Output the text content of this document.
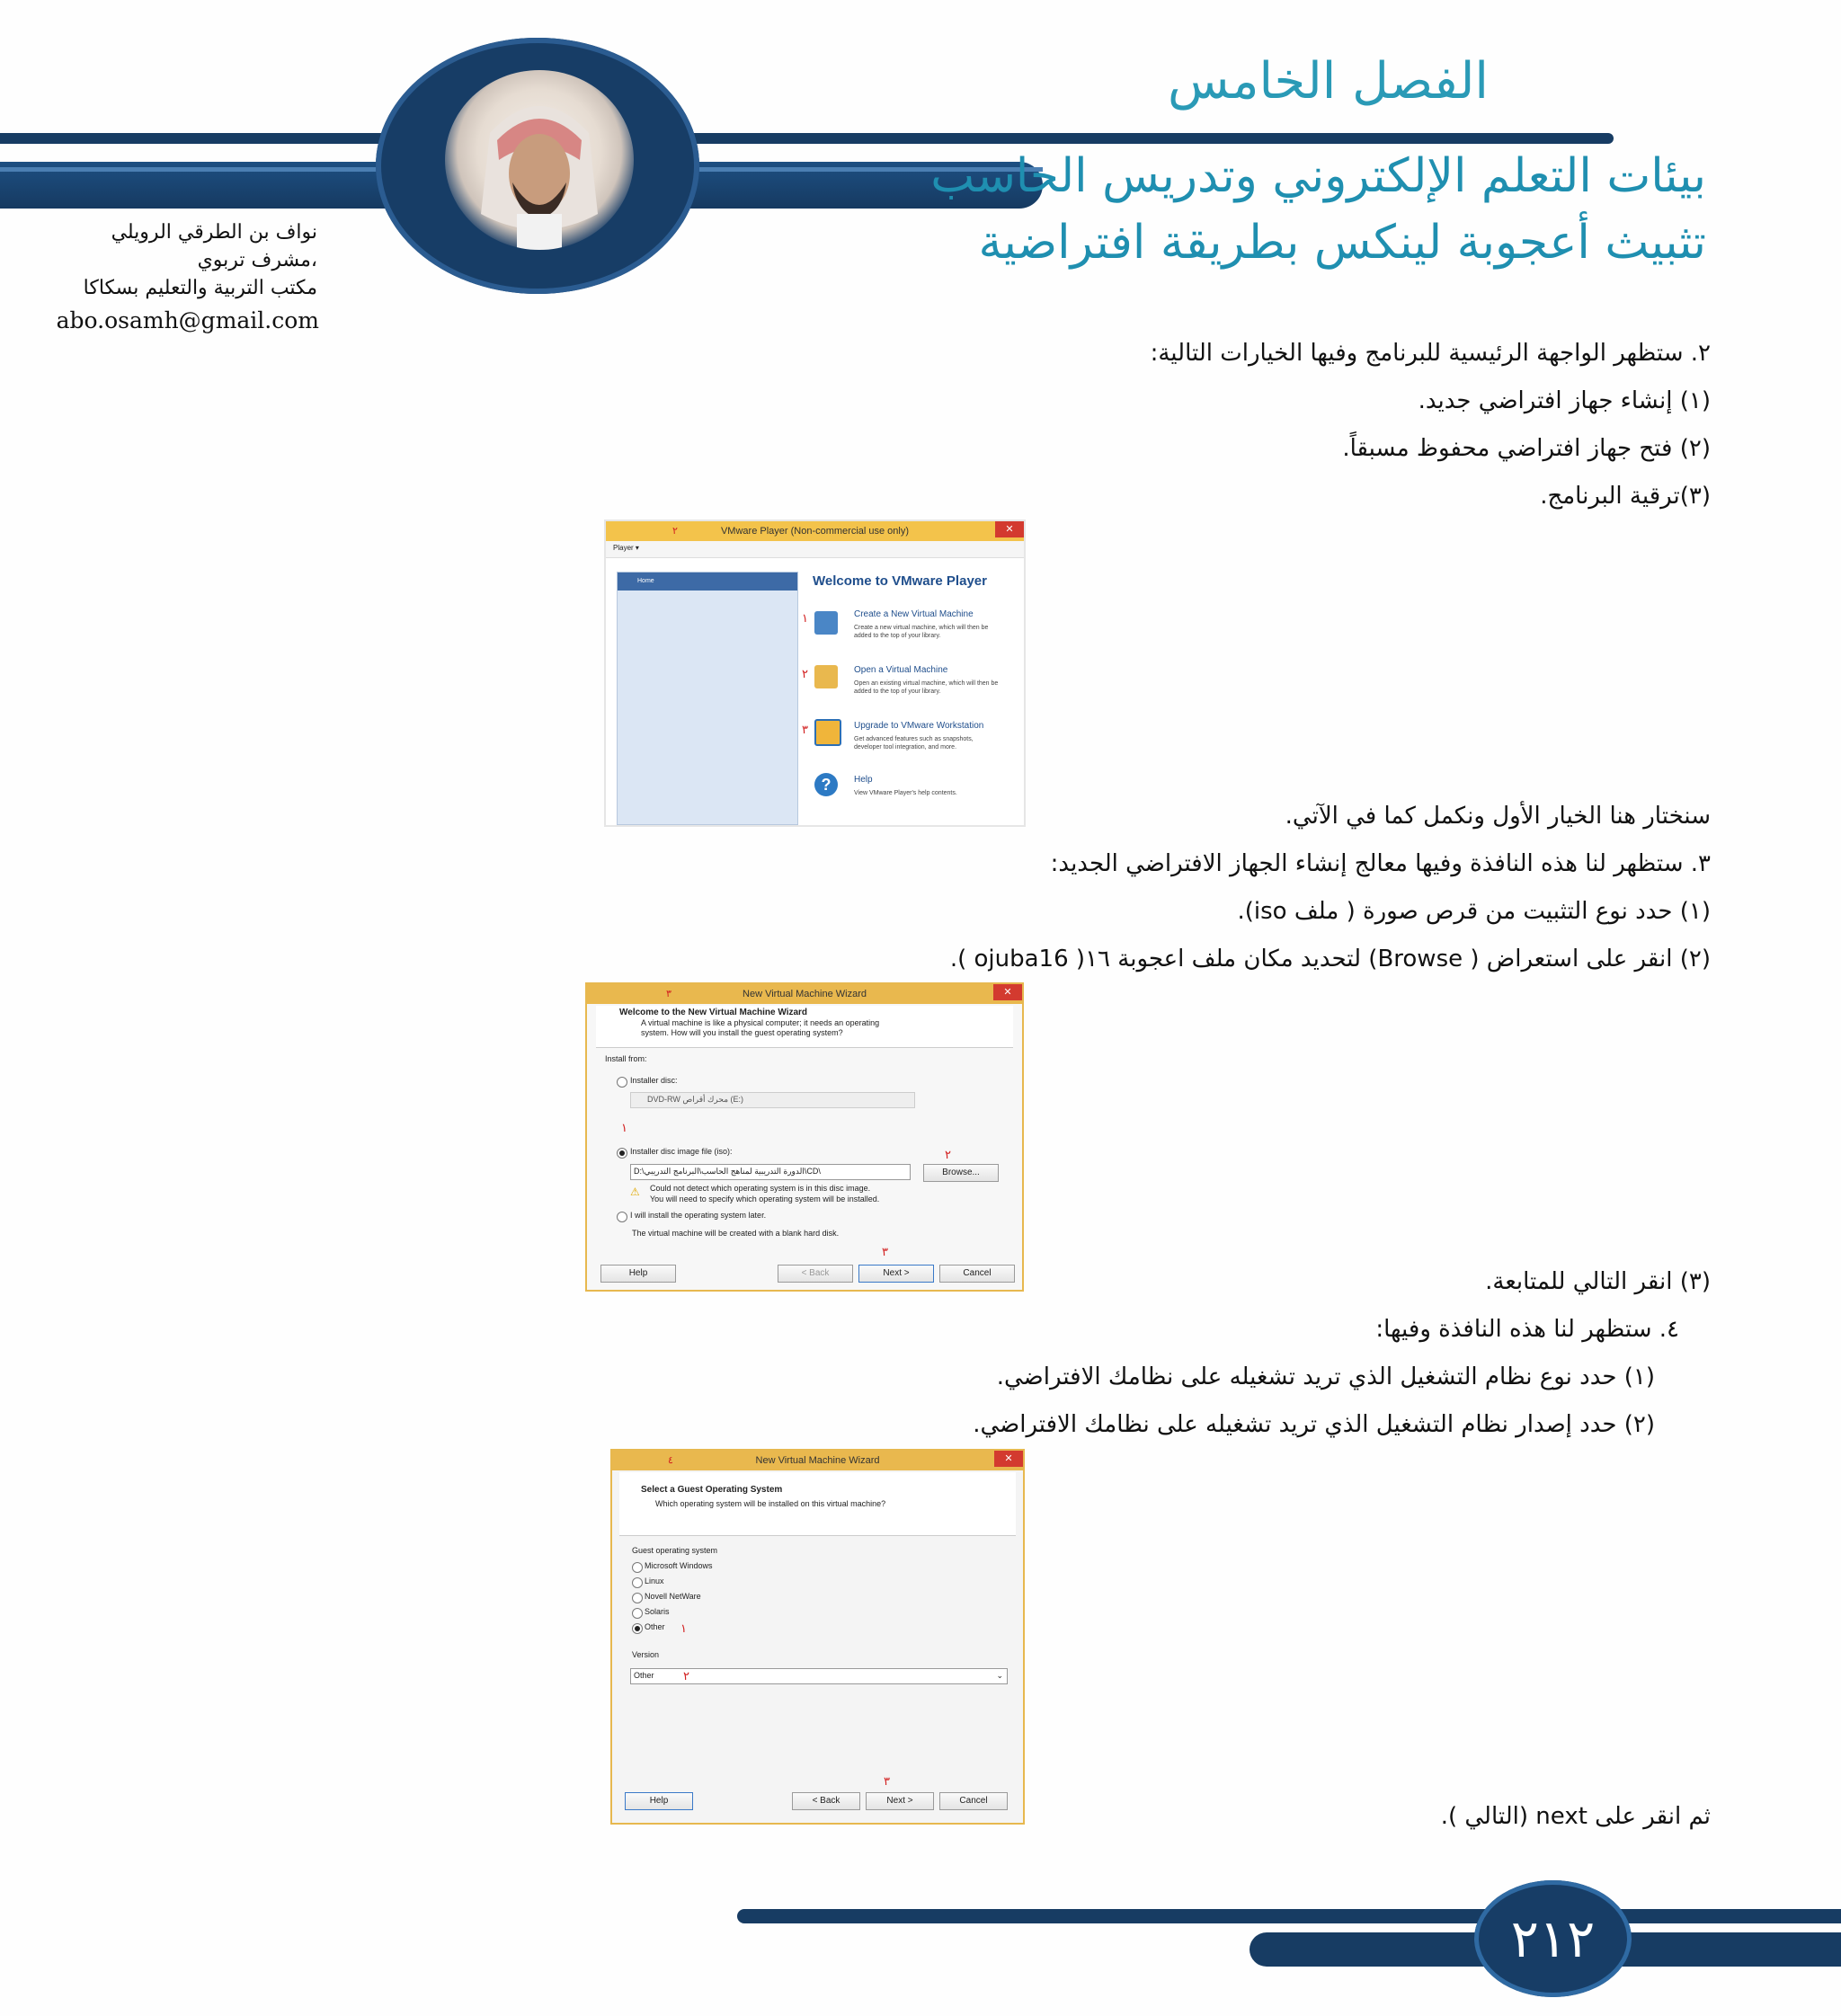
نواف بن الطرقي الرويلي
مشرف تربوي،
مكتب التربية والتعليم بسكاكا
abo.osamh@gmail.com
الفصل الخامس
بيئات التعلم الإلكتروني وتدريس الحاسب
تثبيث أعجوبة لينكس بطريقة افتراضية
٢. ستظهر الواجهة الرئيسية للبرنامج وفيها الخيارات التالية:
(١) إنشاء جهاز افتراضي جديد.
(٢) فتح جهاز افتراضي محفوظ مسبقاً.
(٣)ترقية البرنامج.
سنختار هنا الخيار الأول ونكمل كما في الآتي.
٣. ستظهر لنا هذه النافذة وفيها معالج إنشاء الجهاز الافتراضي الجديد:
(١) حدد نوع التثبيت من قرص صورة ( ملف iso).
(٢) انقر على استعراض ( Browse) لتحديد مكان ملف اعجوبة ١٦( ojuba16 ).
(٣) انقر التالي للمتابعة.
٤. ستظهر لنا هذه النافذة وفيها:
(١) حدد نوع نظام التشغيل الذي تريد تشغيله على نظامك الافتراضي.
(٢) حدد إصدار نظام التشغيل الذي تريد تشغيله على نظامك الافتراضي.
ثم انقر على next (التالي ).
٢	VMware Player (Non-commercial use only)	✕
Player ▾
Home	Welcome to VMware Player
١	Create a New Virtual Machine
Create a new virtual machine, which will then be
added to the top of your library.
٢	Open a Virtual Machine
Open an existing virtual machine, which will then be
added to the top of your library.
٣	Upgrade to VMware Workstation
Get advanced features such as snapshots,
developer tool integration, and more.
?	Help
View VMware Player's help contents.
٣	New Virtual Machine Wizard	✕
Welcome to the New Virtual Machine Wizard
A virtual machine is like a physical computer; it needs an operating
system. How will you install the guest operating system?
Install from:
Installer disc:
DVD-RW محرك أقراص (E:)
١
Installer disc image file (iso):	٢
D:\الدورة التدريبية لمناهج الحاسب\البرنامج التدريبي\CD\	Browse...
⚠ Could not detect which operating system is in this disc image.
You will need to specify which operating system will be installed.
I will install the operating system later.
The virtual machine will be created with a blank hard disk.
٣
Help	< Back	Next >	Cancel
٤	New Virtual Machine Wizard	✕
Select a Guest Operating System
Which operating system will be installed on this virtual machine?
Guest operating system
Microsoft Windows
Linux
Novell NetWare
Solaris
Other ١
Version
Other ٢	⌄
٣
Help	< Back	Next >	Cancel
٢١٢
